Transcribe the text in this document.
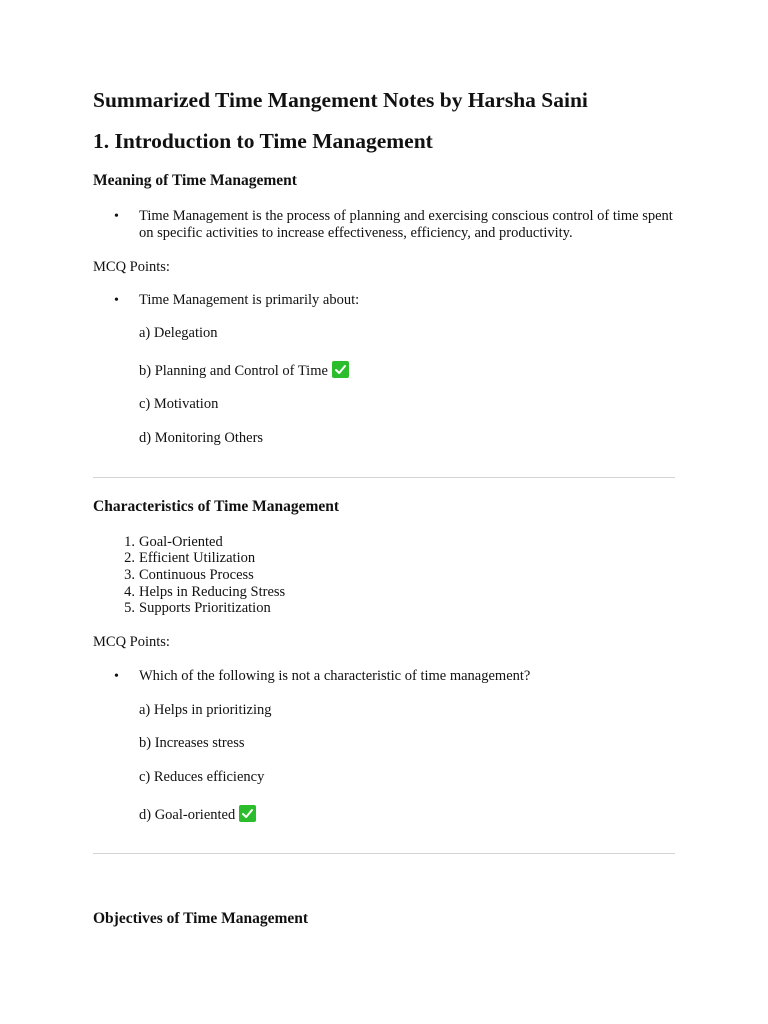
Summarized Time Mangement Notes by Harsha Saini
1. Introduction to Time Management
Meaning of Time Management
• Time Management is the process of planning and exercising conscious control of time spent on specific activities to increase effectiveness, efficiency, and productivity.
MCQ Points:
• Time Management is primarily about:
a) Delegation
b) Planning and Control of Time
c) Motivation
d) Monitoring Others
Characteristics of Time Management
1. Goal-Oriented
2. Efficient Utilization
3. Continuous Process
4. Helps in Reducing Stress
5. Supports Prioritization
MCQ Points:
• Which of the following is not a characteristic of time management?
a) Helps in prioritizing
b) Increases stress
c) Reduces efficiency
d) Goal-oriented
Objectives of Time Management
